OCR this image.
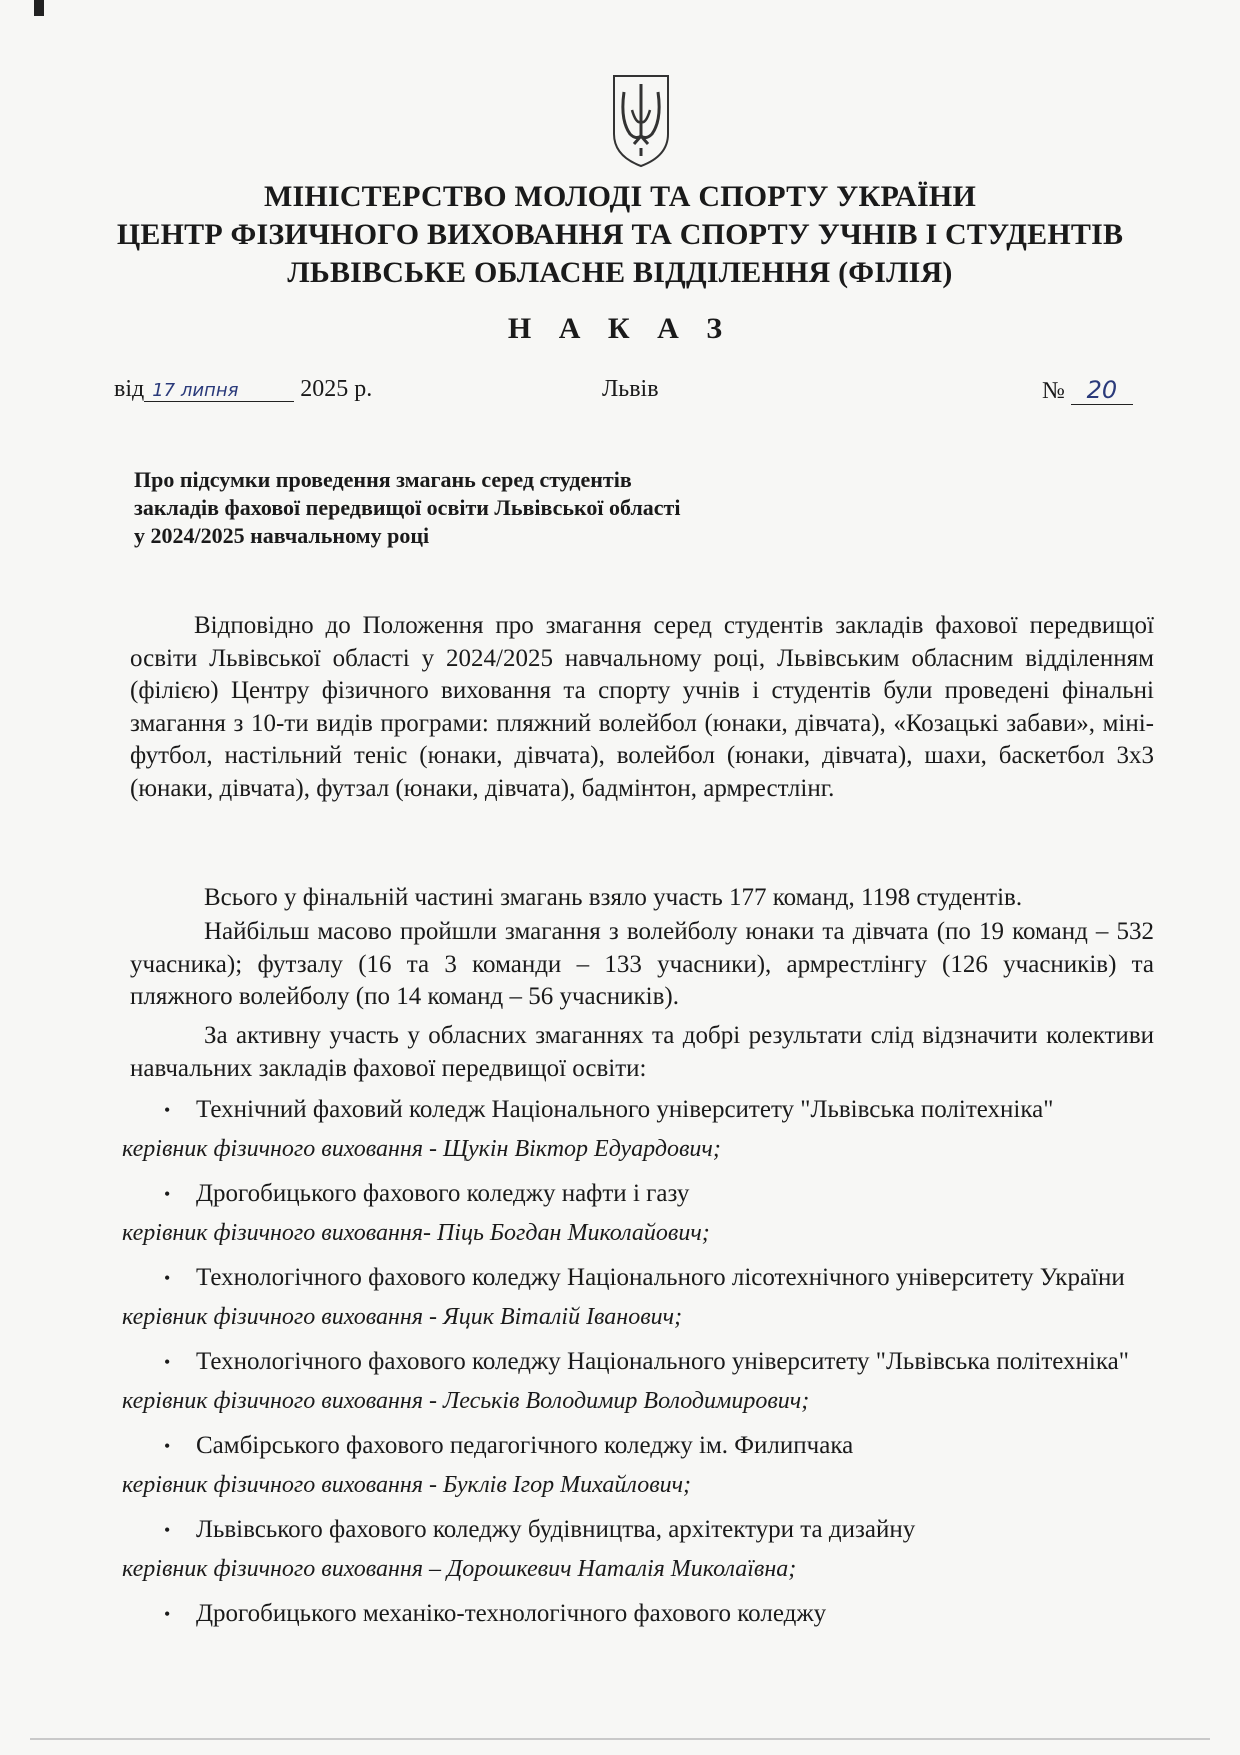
МІНІСТЕРСТВО МОЛОДІ ТА СПОРТУ УКРАЇНИ
ЦЕНТР ФІЗИЧНОГО ВИХОВАННЯ ТА СПОРТУ УЧНІВ І СТУДЕНТІВ
ЛЬВІВСЬКЕ ОБЛАСНЕ ВІДДІЛЕННЯ (ФІЛІЯ)
Н А К А З
від 17 липня	2025 р.	Львів	№ 20
Про підсумки проведення змагань серед студентів
закладів фахової передвищої освіти Львівської області
у 2024/2025 навчальному році
Відповідно до Положення про змагання серед студентів закладів фахової передвищої освіти Львівської області у 2024/2025 навчальному році, Львівським обласним відділенням (філією) Центру фізичного виховання та спорту учнів і студентів були проведені фінальні змагання з 10-ти видів програми: пляжний волейбол (юнаки, дівчата), «Козацькі забави», міні-футбол, настільний теніс (юнаки, дівчата), волейбол (юнаки, дівчата), шахи, баскетбол 3х3 (юнаки, дівчата), футзал (юнаки, дівчата), бадмінтон, армрестлінг.
Всього у фінальній частині змагань взяло участь 177 команд, 1198 студентів.
Найбільш масово пройшли змагання з волейболу юнаки та дівчата (по 19 команд – 532 учасника); футзалу (16 та 3 команди – 133 учасники), армрестлінгу (126 учасників) та пляжного волейболу (по 14 команд – 56 учасників).
За активну участь у обласних змаганнях та добрі результати слід відзначити колективи навчальних закладів фахової передвищої освіти:
• Технічний фаховий коледж Національного університету "Львівська політехніка"
керівник фізичного виховання - Щукін Віктор Едуардович;
• Дрогобицького фахового коледжу нафти і газу
керівник фізичного виховання- Піць Богдан Миколайович;
• Технологічного фахового коледжу Національного лісотехнічного університету України
керівник фізичного виховання - Яцик Віталій Іванович;
• Технологічного фахового коледжу Національного університету "Львівська політехніка"
керівник фізичного виховання - Леськів Володимир Володимирович;
• Самбірського фахового педагогічного коледжу ім. Филипчака
керівник фізичного виховання - Буклів Ігор Михайлович;
• Львівського фахового коледжу будівництва, архітектури та дизайну
керівник фізичного виховання – Дорошкевич Наталія Миколаївна;
• Дрогобицького механіко-технологічного фахового коледжу
